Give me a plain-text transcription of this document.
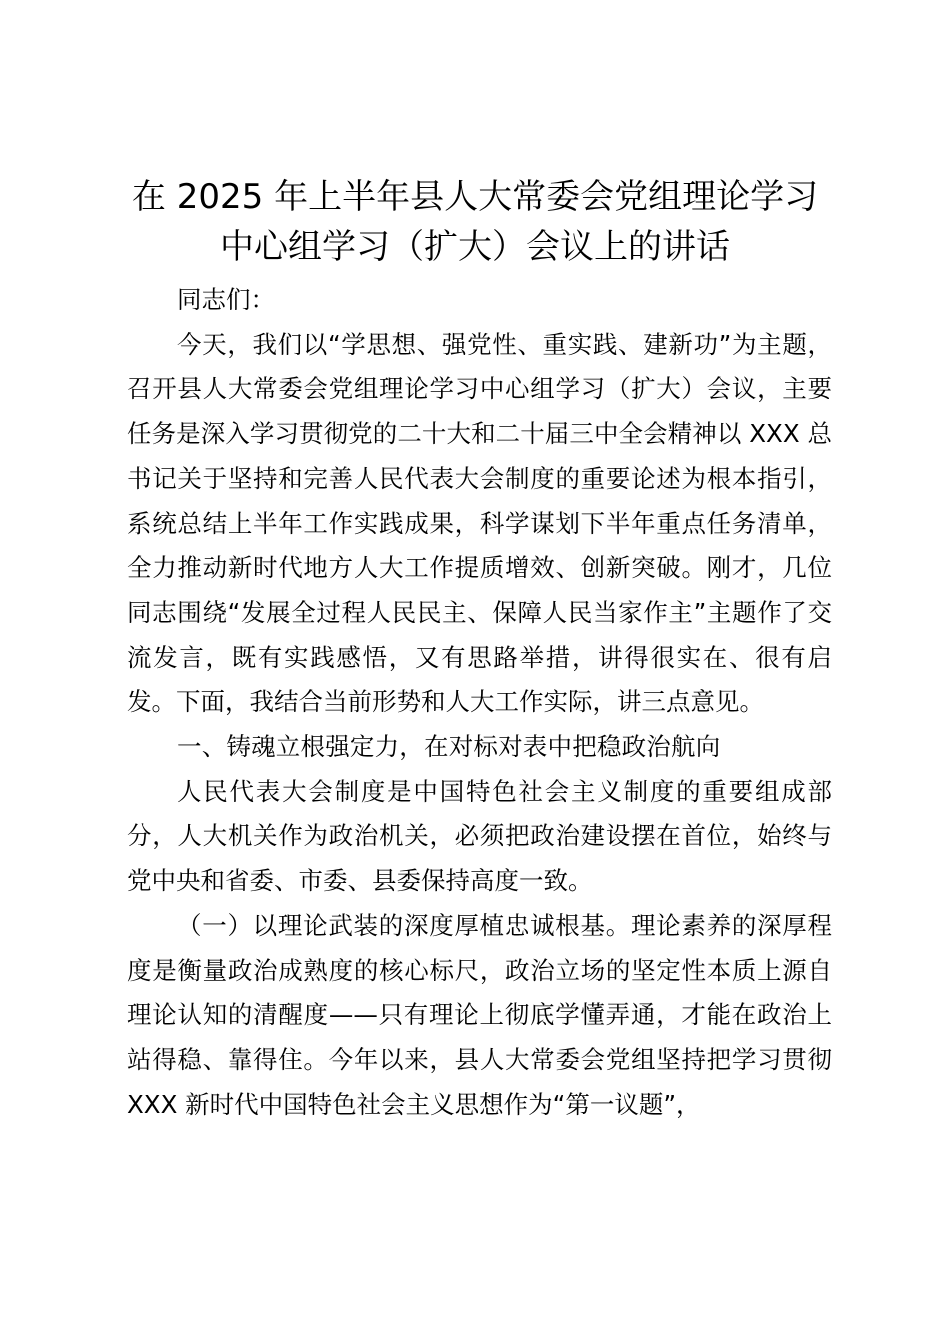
在 2025 年上半年县人大常委会党组理论学习
中心组学习（扩大）会议上的讲话

同志们：

今天，我们以“学思想、强党性、重实践、建新功”为主题，召开县人大常委会党组理论学习中心组学习（扩大）会议，主要任务是深入学习贯彻党的二十大和二十届三中全会精神以 XXX 总书记关于坚持和完善人民代表大会制度的重要论述为根本指引，系统总结上半年工作实践成果，科学谋划下半年重点任务清单，全力推动新时代地方人大工作提质增效、创新突破。刚才，几位同志围绕“发展全过程人民民主、保障人民当家作主”主题作了交流发言，既有实践感悟，又有思路举措，讲得很实在、很有启发。下面，我结合当前形势和人大工作实际，讲三点意见。

一、铸魂立根强定力，在对标对表中把稳政治航向

人民代表大会制度是中国特色社会主义制度的重要组成部分，人大机关作为政治机关，必须把政治建设摆在首位，始终与党中央和省委、市委、县委保持高度一致。

（一）以理论武装的深度厚植忠诚根基。理论素养的深厚程度是衡量政治成熟度的核心标尺，政治立场的坚定性本质上源自理论认知的清醒度——只有理论上彻底学懂弄通，才能在政治上站得稳、靠得住。今年以来，县人大常委会党组坚持把学习贯彻 XXX 新时代中国特色社会主义思想作为“第一议题”，
